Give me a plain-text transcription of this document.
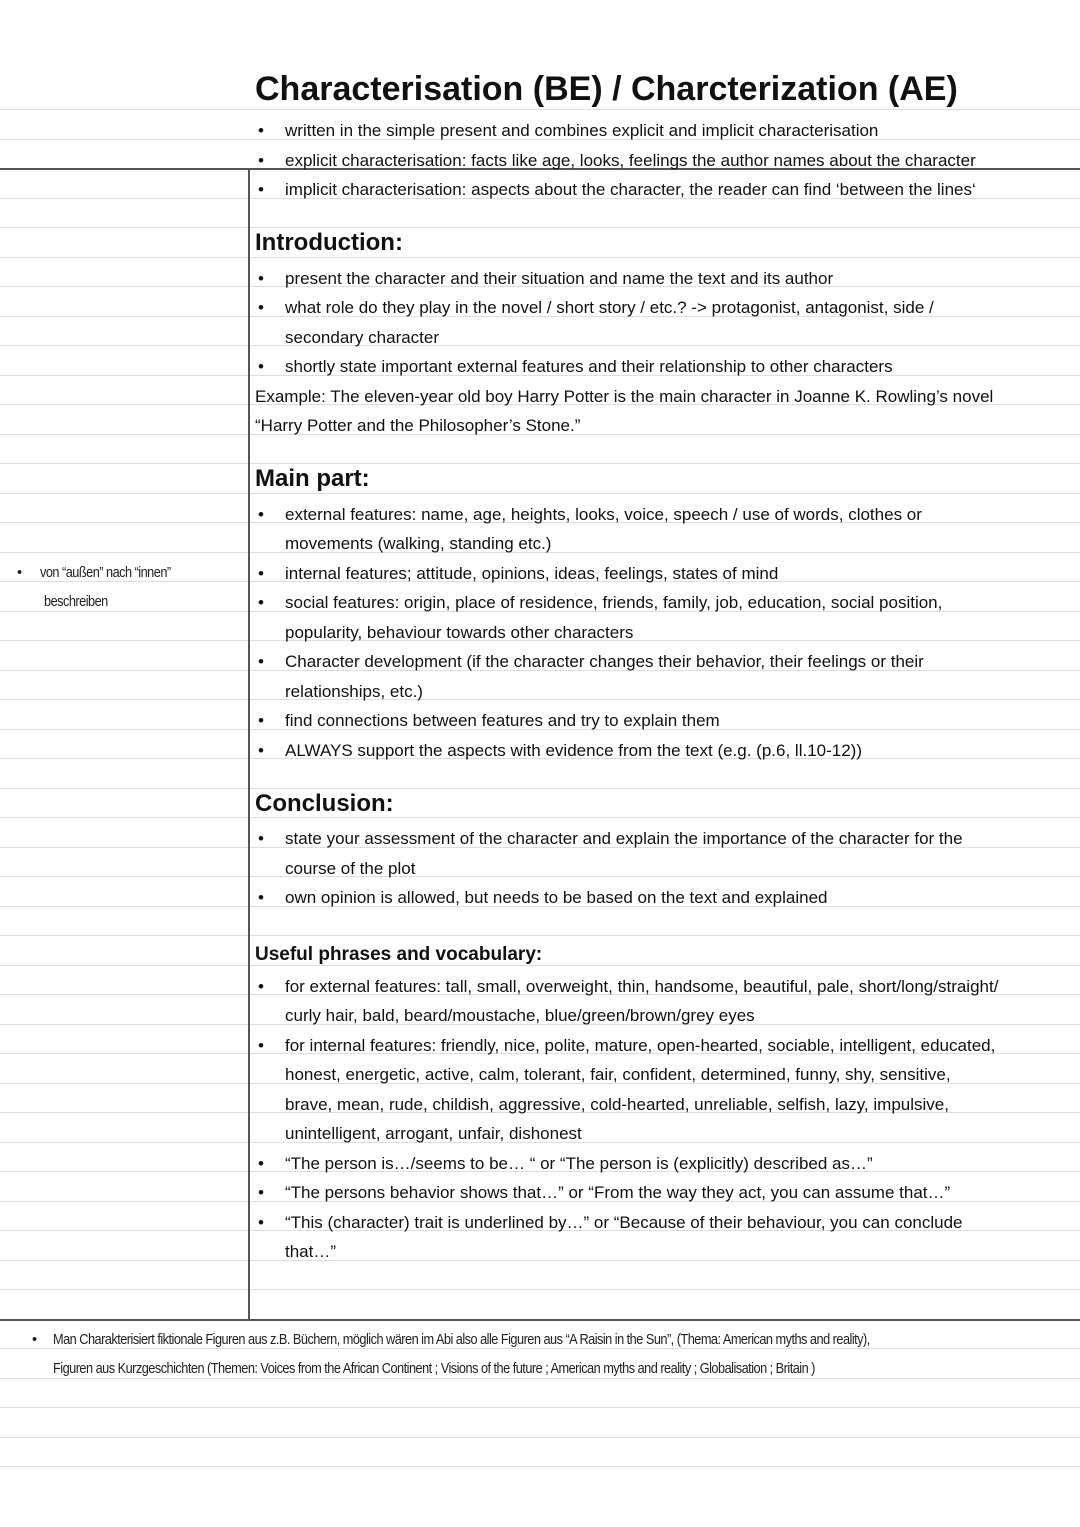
Characterisation (BE) / Charcterization (AE)
• written in the simple present and combines explicit and implicit characterisation
• explicit characterisation: facts like age, looks, feelings the author names about the character
• implicit characterisation: aspects about the character, the reader can find ‘between the lines‘
Introduction:
• present the character and their situation and name the text and its author
• what role do they play in the novel / short story / etc.? -> protagonist, antagonist, side /
secondary character
• shortly state important external features and their relationship to other characters
Example: The eleven-year old boy Harry Potter is the main character in Joanne K. Rowling’s novel
“Harry Potter and the Philosopher’s Stone.”
Main part:
• external features: name, age, heights, looks, voice, speech / use of words, clothes or
movements (walking, standing etc.)
• internal features; attitude, opinions, ideas, feelings, states of mind
• social features: origin, place of residence, friends, family, job, education, social position,
popularity, behaviour towards other characters
• Character development (if the character changes their behavior, their feelings or their
relationships, etc.)
• find connections between features and try to explain them
• ALWAYS support the aspects with evidence from the text (e.g. (p.6, ll.10-12))
Conclusion:
• state your assessment of the character and explain the importance of the character for the
course of the plot
• own opinion is allowed, but needs to be based on the text and explained
Useful phrases and vocabulary:
• for external features: tall, small, overweight, thin, handsome, beautiful, pale, short/long/straight/
curly hair, bald, beard/moustache, blue/green/brown/grey eyes
• for internal features: friendly, nice, polite, mature, open-hearted, sociable, intelligent, educated,
honest, energetic, active, calm, tolerant, fair, confident, determined, funny, shy, sensitive,
brave, mean, rude, childish, aggressive, cold-hearted, unreliable, selfish, lazy, impulsive,
unintelligent, arrogant, unfair, dishonest
• “The person is…/seems to be… “ or “The person is (explicitly) described as…”
• “The persons behavior shows that…” or “From the way they act, you can assume that…”
• “This (character) trait is underlined by…” or “Because of their behaviour, you can conclude
that…”
• von “außen” nach “innen”
beschreiben
• Man Charakterisiert fiktionale Figuren aus z.B. Büchern, möglich wären im Abi also alle Figuren aus “A Raisin in the Sun”, (Thema: American myths and reality),
Figuren aus Kurzgeschichten (Themen: Voices from the African Continent ; Visions of the future ; American myths and reality ; Globalisation ; Britain )
